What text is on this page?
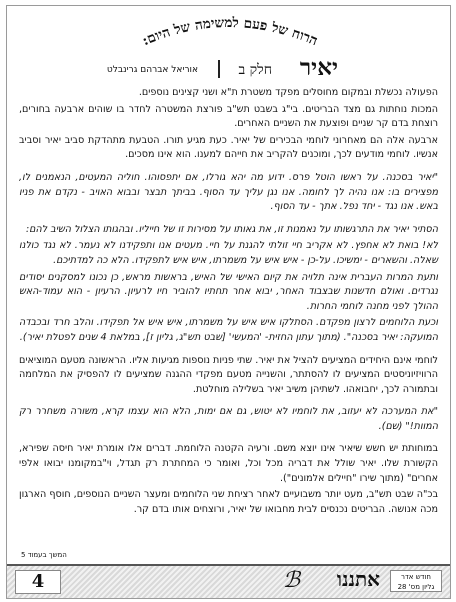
הרוח של פעם למשימה של היום:
יאיר
חלק ב
אוריאל אברהם גרינבלט

הפעולה נכשלת ובמקום מחוסלים מפקד משטרת ת"א ושני קצינים נוספים.

המכות נוחתות גם מצד הבריטים. בי"ג בשבט תש"ב פורצת המשטרה לחדר בו שוהים ארבעה בחורים, רוצחת בדם קר שניים ופוצעת את השניים האחרים.

ארבעה אלה הם מאחרוני לוחמי הבכירים של יאיר. כעת מגיע תורו. הטבעת מתהדקת סביב יאיר וסביב אנשיו. לוחמי מודעים לכך, ומוכנים להקריב את חייהם למענו. הוא אינו מסכים.

"יאיר בסכנה. על ראשו הוטל פרס. ידוע מה יהא גורלו, אם יתפסוהו. חוליה המעטים, הנאמנים לו, מפצירים בו: אנו נהיה לך לחומה. אנו נגן עליך עד הסוף. בביתך תבצר ובבוא האויב - נקדם את פניו באש. אנו נגד - יחד נפל. אתך - עד הסוף.

הסתיר יאיר את התרגשותו על נאמנות זו, את גאותו על מסירות זו של חייליו. ובהגותו הצלול השיב להם:

לא! בואת לא אחפץ. לא אקריב חיי זולתי להגנת על חיי. מעטים אנו ותפקידנו לא נעמר. לא נגד כולנו שאלה. והשארים - ימשיכו. על-כן - איש איש על משמרתו, איש איש לתפקידו. הלא כה למדתיכם.

ותעת המרות העברית אינה תלויה את קיום האישי של האיש, בראשות מראש, כן נכונו למסקנים יסודים נגרדים. ואולם חדשנות שבצבוד האחר, יבוא אחר תחתיו להוביר חיו לרעיון. הרעיון - הוא עמוד-האש ההולך לפני מחנה לוחמי החרות.

וכעת הלוחמים לרצון מפקדם. הסתלקו איש איש על משמרתו, איש איש אל תפקידו. והלב חרד ובכבדה המועקה: יאיר בסכנה". (מתוך עתון החזית- 'המעשי' [שבט תש"ג, גליון ז], במלאת 4 שנים לפטלת יאיר).

לוחמי אינם היחידים המציעים להציל את יאיר. שתי פניות נוספות מגיעות אליו. הראשונה מטעם המוציאים הרוויזיוניסטים המציעים לו להסתתר, והשנייה מטעם מפקדי ההגנה שמציעים לו להפסיק את המלחמה ובתמורה לכך, יחבואהו. לשתיהן משיב יאיר בשלילה מוחלטת.

"את המערכה לא יעזוב, את לוחמיו לא יטוש, גם אם ימות, הלא הוא עצמו קרא, משורה משחרר רק המוות!" (שם).

במוחותת יש חשש שיאיר אינו יוצא משם. ורעיה הקטנה הלוחמת. דברים אלו אומרת יאיר חיסה שפירא, הקשורת שלו. יאיר שולל את דבריה מכל וכל, ואומר כי המחתרת רק תגדל, וי"במקומנו יבואו אלפי אחרים" (מתוך שירו "חיילים אלמונים").

בכ"ה שבט תש"ב, מעט יותר משבועיים לאחר רציחת שני הלוחמים ומעצר השניים הנוספים, חוסף הארגון מכה אנושה. הבריטים נכנסים לבית מחבואו של יאיר, ורוצחים אותו בדם קר.

המשך בעמוד 5
4	ℬ אתננו	חודש אדר
גליון מס' 28
